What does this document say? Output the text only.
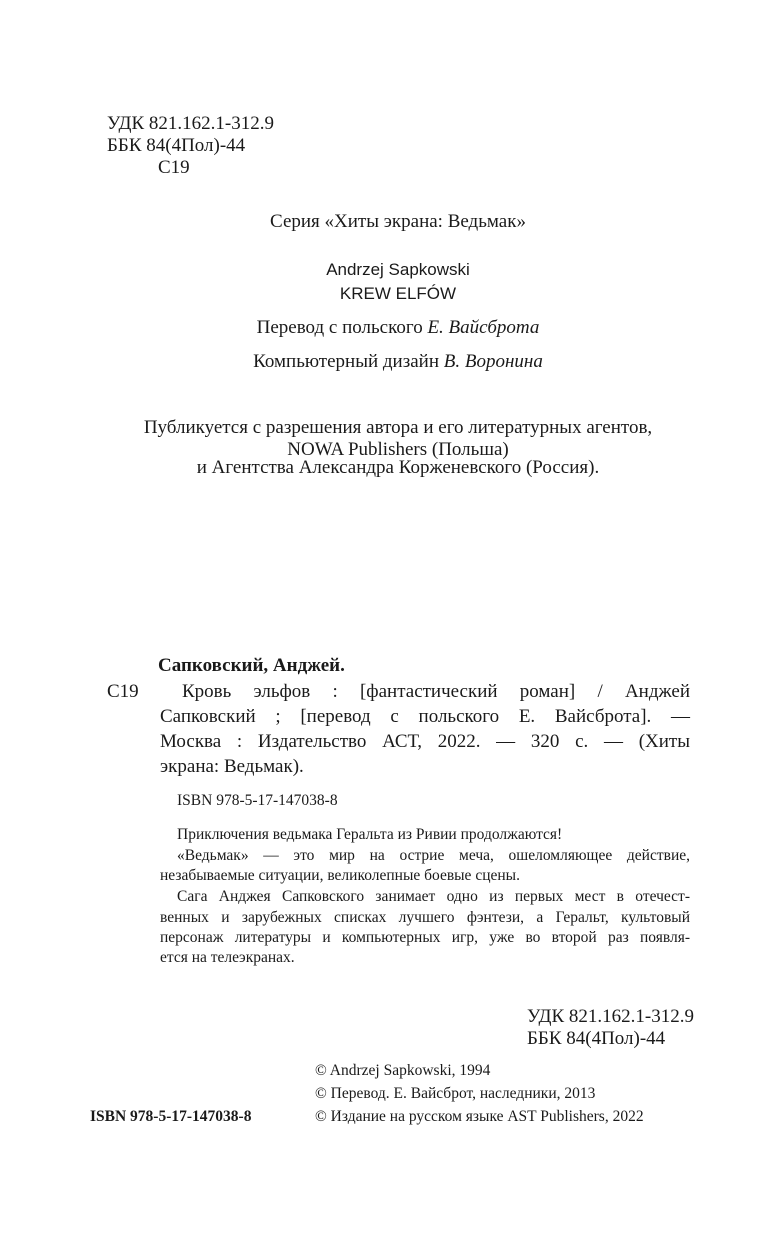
УДК 821.162.1-312.9
ББК 84(4Пол)-44
С19
Серия «Хиты экрана: Ведьмак»
Andrzej Sapkowski
KREW ELFÓW
Перевод с польского Е. Вайсброта
Компьютерный дизайн В. Воронина
Публикуется с разрешения автора и его литературных агентов,
NOWA Publishers (Польша)
и Агентства Александра Корженевского (Россия).
Сапковский, Анджей.
С19 Кровь эльфов : [фантастический роман] / Анджей
Сапковский ; [перевод с польского Е. Вайсброта]. —
Москва : Издательство АСТ, 2022. — 320 с. — (Хиты
экрана: Ведьмак).
ISBN 978-5-17-147038-8
Приключения ведьмака Геральта из Ривии продолжаются!
«Ведьмак» — это мир на острие меча, ошеломляющее действие,
незабываемые ситуации, великолепные боевые сцены.
Сага Анджея Сапковского занимает одно из первых мест в отечест-
венных и зарубежных списках лучшего фэнтези, а Геральт, культовый
персонаж литературы и компьютерных игр, уже во второй раз появля-
ется на телеэкранах.
УДК 821.162.1-312.9
ББК 84(4Пол)-44
© Andrzej Sapkowski, 1994
© Перевод. Е. Вайсброт, наследники, 2013
© Издание на русском языке AST Publishers, 2022
ISBN 978-5-17-147038-8
